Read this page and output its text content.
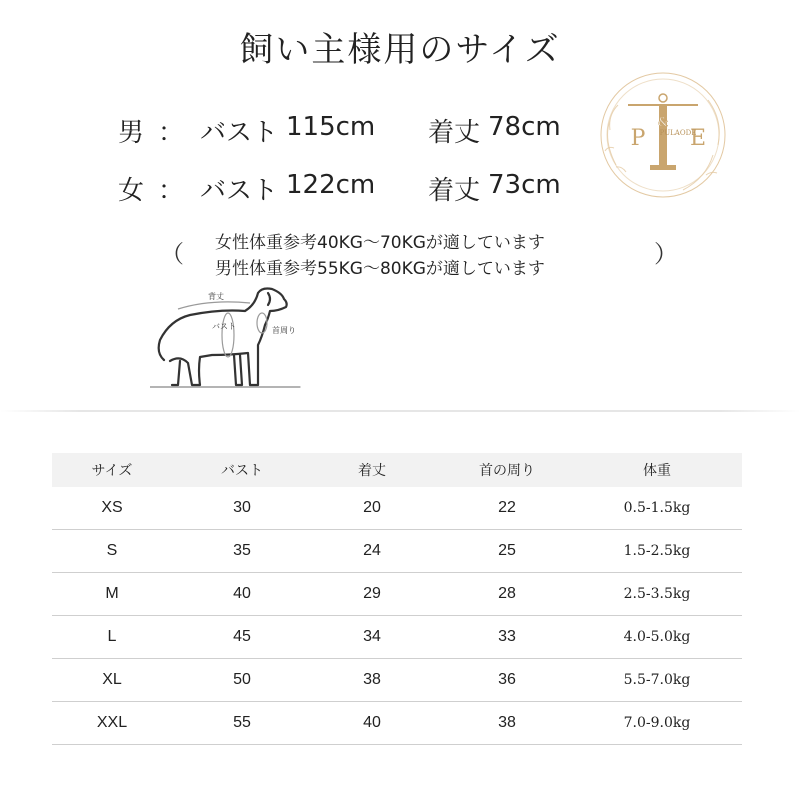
飼い主様用のサイズ
男 ： バスト 115cm 着丈 78cm
女 ： バスト 122cm 着丈 73cm
（	）
女性体重参考40KG～70KGが適しています
男性体重参考55KG～80KGが適しています
P E
&
PULAODE
背丈
バスト	首周り
サイズ	バスト	着丈	首の周り	体重
XS	30	20	22	0.5-1.5kg
S	35	24	25	1.5-2.5kg
M	40	29	28	2.5-3.5kg
L	45	34	33	4.0-5.0kg
XL	50	38	36	5.5-7.0kg
XXL	55	40	38	7.0-9.0kg
